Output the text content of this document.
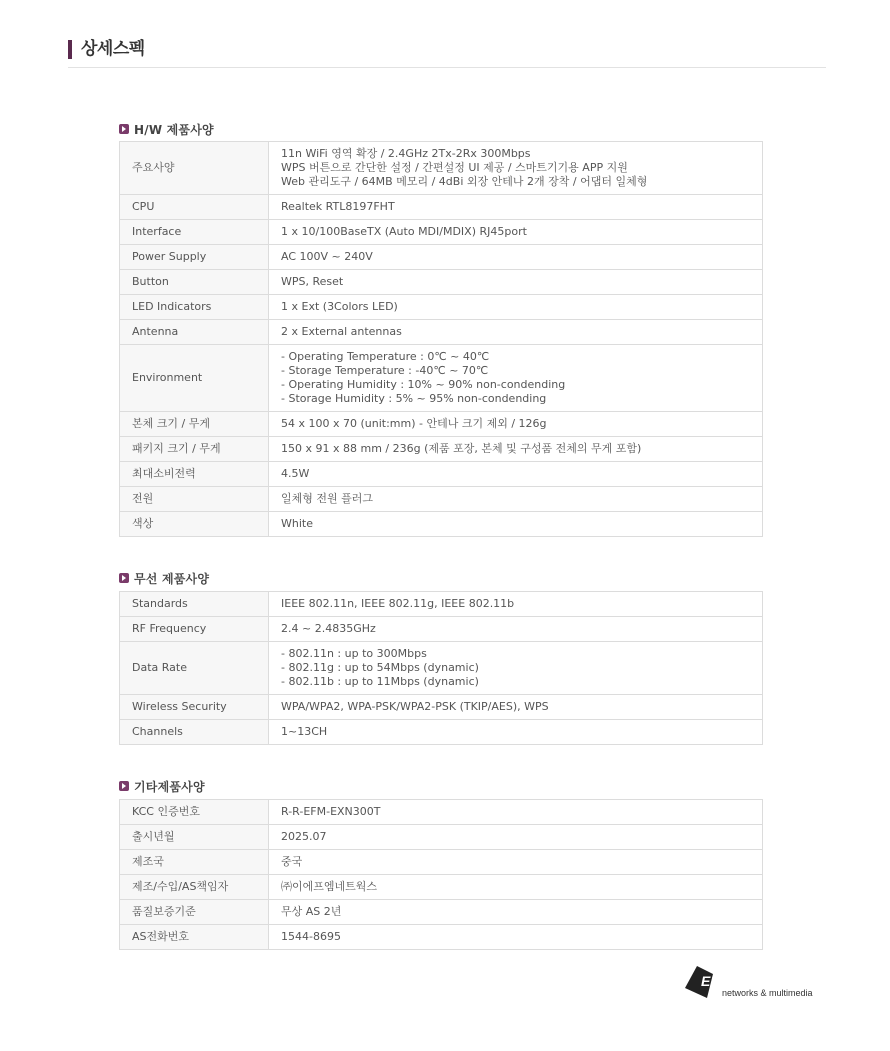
상세스펙
H/W 제품사양
주요사양	11n WiFi 영역 확장 / 2.4GHz 2Tx-2Rx 300Mbps
WPS 버튼으로 간단한 설정 / 간편설정 UI 제공 / 스마트기기용 APP 지원
Web 관리도구 / 64MB 메모리 / 4dBi 외장 안테나 2개 장착 / 어댑터 일체형

CPU	Realtek RTL8197FHT

Interface	1 x 10/100BaseTX (Auto MDI/MDIX) RJ45port

Power Supply	AC 100V ~ 240V

Button	WPS, Reset

LED Indicators	1 x Ext (3Colors LED)

Antenna	2 x External antennas

Environment	- Operating Temperature : 0℃ ~ 40℃
- Storage Temperature : -40℃ ~ 70℃
- Operating Humidity : 10% ~ 90% non-condending
- Storage Humidity : 5% ~ 95% non-condending

본체 크기 / 무게	54 x 100 x 70 (unit:mm) - 안테나 크기 제외 / 126g

패키지 크기 / 무게	150 x 91 x 88 mm / 236g (제품 포장, 본체 및 구성품 전체의 무게 포함)

최대소비전력	4.5W

전원	일체형 전원 플러그

색상	White
무선 제품사양
Standards	IEEE 802.11n, IEEE 802.11g, IEEE 802.11b

RF Frequency	2.4 ~ 2.4835GHz

Data Rate	- 802.11n : up to 300Mbps
- 802.11g : up to 54Mbps (dynamic)
- 802.11b : up to 11Mbps (dynamic)

Wireless Security	WPA/WPA2, WPA-PSK/WPA2-PSK (TKIP/AES), WPS

Channels	1~13CH
기타제품사양
KCC 인증번호	R-R-EFM-EXN300T

출시년월	2025.07

제조국	중국

제조/수입/AS책임자	㈜이에프엠네트웍스

품질보증기준	무상 AS 2년

AS전화번호	1544-8695
EFM
networks & multimedia
